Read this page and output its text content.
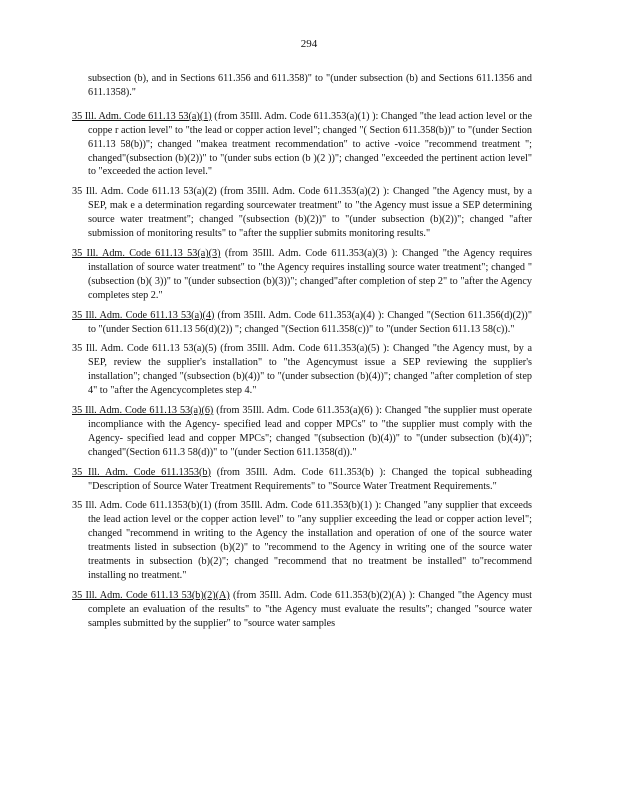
294

subsection (b), and in Sections 611.356 and 611.358)" to "(under subsection (b) and Sections 611.1356 and 611.1358)."

35 Ill. Adm. Code 611.13 53(a)(1) (from 35Ill. Adm. Code 611.353(a)(1) ): Changed "the lead action level or the coppe r action level" to "the lead or copper action level"; changed "( Section 611.358(b))" to "(under Section 611.13 58(b))"; changed "makea treatment recommendation" to active -voice "recommend treatment "; changed"(subsection (b)(2))" to "(under subs ection (b )(2 ))"; changed "exceeded the pertinent action level" to "exceeded the action level."
35 Ill. Adm. Code 611.13 53(a)(2) (from 35Ill. Adm. Code 611.353(a)(2) ): Changed "the Agency must, by a SEP, mak e a determination regarding sourcewater treatment" to "the Agency must issue a SEP determining source water treatment"; changed "(subsection (b)(2))" to "(under subsection (b)(2))"; changed "after submission of monitoring results" to "after the supplier submits monitoring results."
35 Ill. Adm. Code 611.13 53(a)(3) (from 35Ill. Adm. Code 611.353(a)(3) ): Changed "the Agency requires installation of source water treatment" to "the Agency requires installing source water treatment"; changed "(subsection (b)( 3))" to "(under subsection (b)(3))"; changed"after completion of step 2" to "after the Agency completes step 2."
35 Ill. Adm. Code 611.13 53(a)(4) (from 35Ill. Adm. Code 611.353(a)(4) ): Changed "(Section 611.356(d)(2))" to "(under Section 611.13 56(d)(2)) "; changed "(Section 611.358(c))" to "(under Section 611.13 58(c))."
35 Ill. Adm. Code 611.13 53(a)(5) (from 35Ill. Adm. Code 611.353(a)(5) ): Changed "the Agency must, by a SEP, review the supplier's installation" to "the Agencymust issue a SEP reviewing the supplier's installation"; changed "(subsection (b)(4))" to "(under subsection (b)(4))"; changed "after completion of step 4" to "after the Agencycompletes step 4."
35 Ill. Adm. Code 611.13 53(a)(6) (from 35Ill. Adm. Code 611.353(a)(6) ): Changed "the supplier must operate incompliance with the Agency- specified lead and copper MPCs" to "the supplier must comply with the Agency- specified lead and copper MPCs"; changed "(subsection (b)(4))" to "(under subsection (b)(4))"; changed"(Section 611.3 58(d))" to "(under Section 611.1358(d))."
35 Ill. Adm. Code 611.1353(b) (from 35Ill. Adm. Code 611.353(b) ): Changed the topical subheading "Description of Source Water Treatment Requirements" to "Source Water Treatment Requirements."
35 Ill. Adm. Code 611.1353(b)(1) (from 35Ill. Adm. Code 611.353(b)(1) ): Changed "any supplier that exceeds the lead action level or the copper action level" to "any supplier exceeding the lead or copper action level"; changed "recommend in writing to the Agency the installation and operation of one of the source water treatments listed in subsection (b)(2)" to "recommend to the Agency in writing one of the source water treatments in subsection (b)(2)"; changed "recommend that no treatment be installed" to"recommend installing no treatment."
35 Ill. Adm. Code 611.13 53(b)(2)(A) (from 35Ill. Adm. Code 611.353(b)(2)(A) ): Changed "the Agency must complete an evaluation of the results" to "the Agency must evaluate the results"; changed "source water samples submitted by the supplier" to "source water samples
